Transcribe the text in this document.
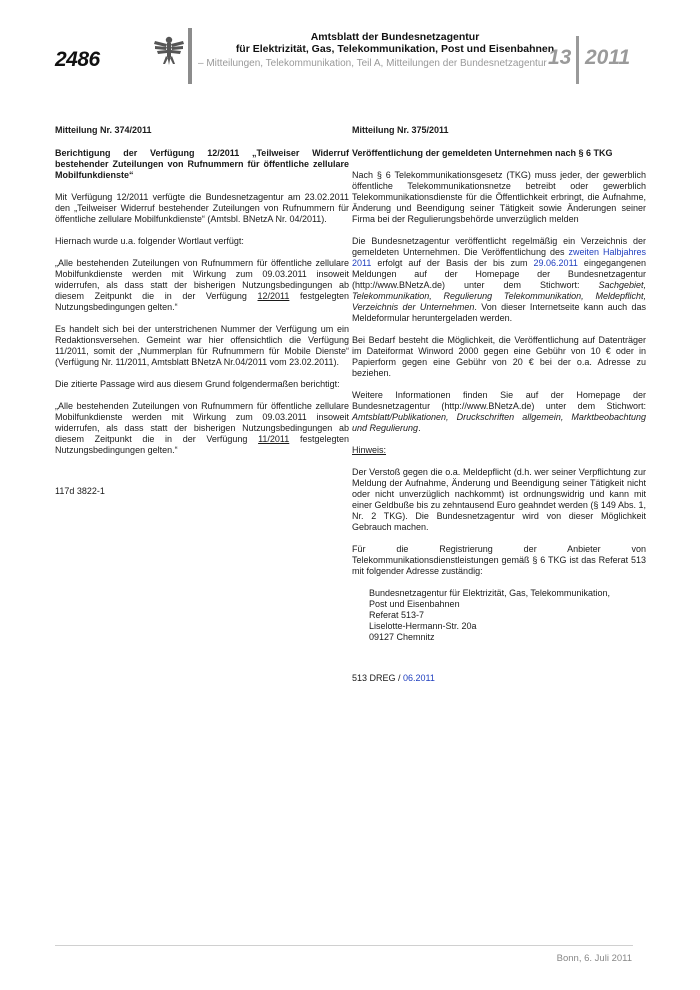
2486
Amtsblatt der Bundesnetzagentur
für Elektrizität, Gas, Telekommunikation, Post und Eisenbahnen
– Mitteilungen, Telekommunikation, Teil A, Mitteilungen der Bundesnetzagentur –
13 2011

Mitteilung Nr. 374/2011

Berichtigung der Verfügung 12/2011 „Teilweiser Widerruf bestehender Zuteilungen von Rufnummern für öffentliche zellulare Mobilfunkdienste“

Mit Verfügung 12/2011 verfügte die Bundesnetzagentur am 23.02.2011 den „Teilweiser Widerruf bestehender Zuteilungen von Rufnummern für öffentliche zellulare Mobilfunkdienste“ (Amtsbl. BNetzA Nr. 04/2011).

Hiernach wurde u.a. folgender Wortlaut verfügt:

„Alle bestehenden Zuteilungen von Rufnummern für öffentliche zellulare Mobilfunkdienste werden mit Wirkung zum 09.03.2011 insoweit widerrufen, als dass statt der bisherigen Nutzungsbedingungen ab diesem Zeitpunkt die in der Verfügung 12/2011 festgelegten Nutzungsbedingungen gelten.“

Es handelt sich bei der unterstrichenen Nummer der Verfügung um ein Redaktionsversehen. Gemeint war hier offensichtlich die Verfügung 11/2011, somit der „Nummerplan für Rufnummern für Mobile Dienste“ (Verfügung Nr. 11/2011, Amtsblatt BNetzA Nr.04/2011 vom 23.02.2011).

Die zitierte Passage wird aus diesem Grund folgendermaßen berichtigt:

„Alle bestehenden Zuteilungen von Rufnummern für öffentliche zellulare Mobilfunkdienste werden mit Wirkung zum 09.03.2011 insoweit widerrufen, als dass statt der bisherigen Nutzungsbedingungen ab diesem Zeitpunkt die in der Verfügung 11/2011 festgelegten Nutzungsbedingungen gelten.“

117d 3822-1

Mitteilung Nr. 375/2011

Veröffentlichung der gemeldeten Unternehmen nach § 6 TKG

Nach § 6 Telekommunikationsgesetz (TKG) muss jeder, der gewerblich öffentliche Telekommunikationsnetze betreibt oder gewerblich Telekommunikationsdienste für die Öffentlichkeit erbringt, die Aufnahme, Änderung und Beendigung seiner Tätigkeit sowie Änderungen seiner Firma bei der Regulierungsbehörde unverzüglich melden

Die Bundesnetzagentur veröffentlicht regelmäßig ein Verzeichnis der gemeldeten Unternehmen. Die Veröffentlichung des zweiten Halbjahres 2011 erfolgt auf der Basis der bis zum 29.06.2011 eingegangenen Meldungen auf der Homepage der Bundesnetzagentur (http://www.BNetzA.de) unter dem Stichwort: Sachgebiet, Telekommunikation, Regulierung Telekommunikation, Meldepflicht, Verzeichnis der Unternehmen. Von dieser Internetseite kann auch das Meldeformular heruntergeladen werden.

Bei Bedarf besteht die Möglichkeit, die Veröffentlichung auf Datenträger im Dateiformat Winword 2000 gegen eine Gebühr von 10 € oder in Papierform gegen eine Gebühr von 20 € bei der o.a. Adresse zu beziehen.

Weitere Informationen finden Sie auf der Homepage der Bundesnetzagentur (http://www.BNetzA.de) unter dem Stichwort: Amtsblatt/Publikationen, Druckschriften allgemein, Marktbeobachtung und Regulierung.

Hinweis:

Der Verstoß gegen die o.a. Meldepflicht (d.h. wer seiner Verpflichtung zur Meldung der Aufnahme, Änderung und Beendigung seiner Tätigkeit nicht oder nicht unverzüglich nachkommt) ist ordnungswidrig und kann mit einer Geldbuße bis zu zehntausend Euro geahndet werden (§ 149 Abs. 1, Nr. 2 TKG). Die Bundesnetzagentur wird von dieser Möglichkeit Gebrauch machen.

Für die Registrierung der Anbieter von Telekommunikationsdienstleistungen gemäß § 6 TKG ist das Referat 513 mit folgender Adresse zuständig:

Bundesnetzagentur für Elektrizität, Gas, Telekommunikation,
Post und Eisenbahnen
Referat 513-7
Liselotte-Hermann-Str. 20a
09127 Chemnitz

513 DREG / 06.2011

Bonn, 6. Juli 2011
